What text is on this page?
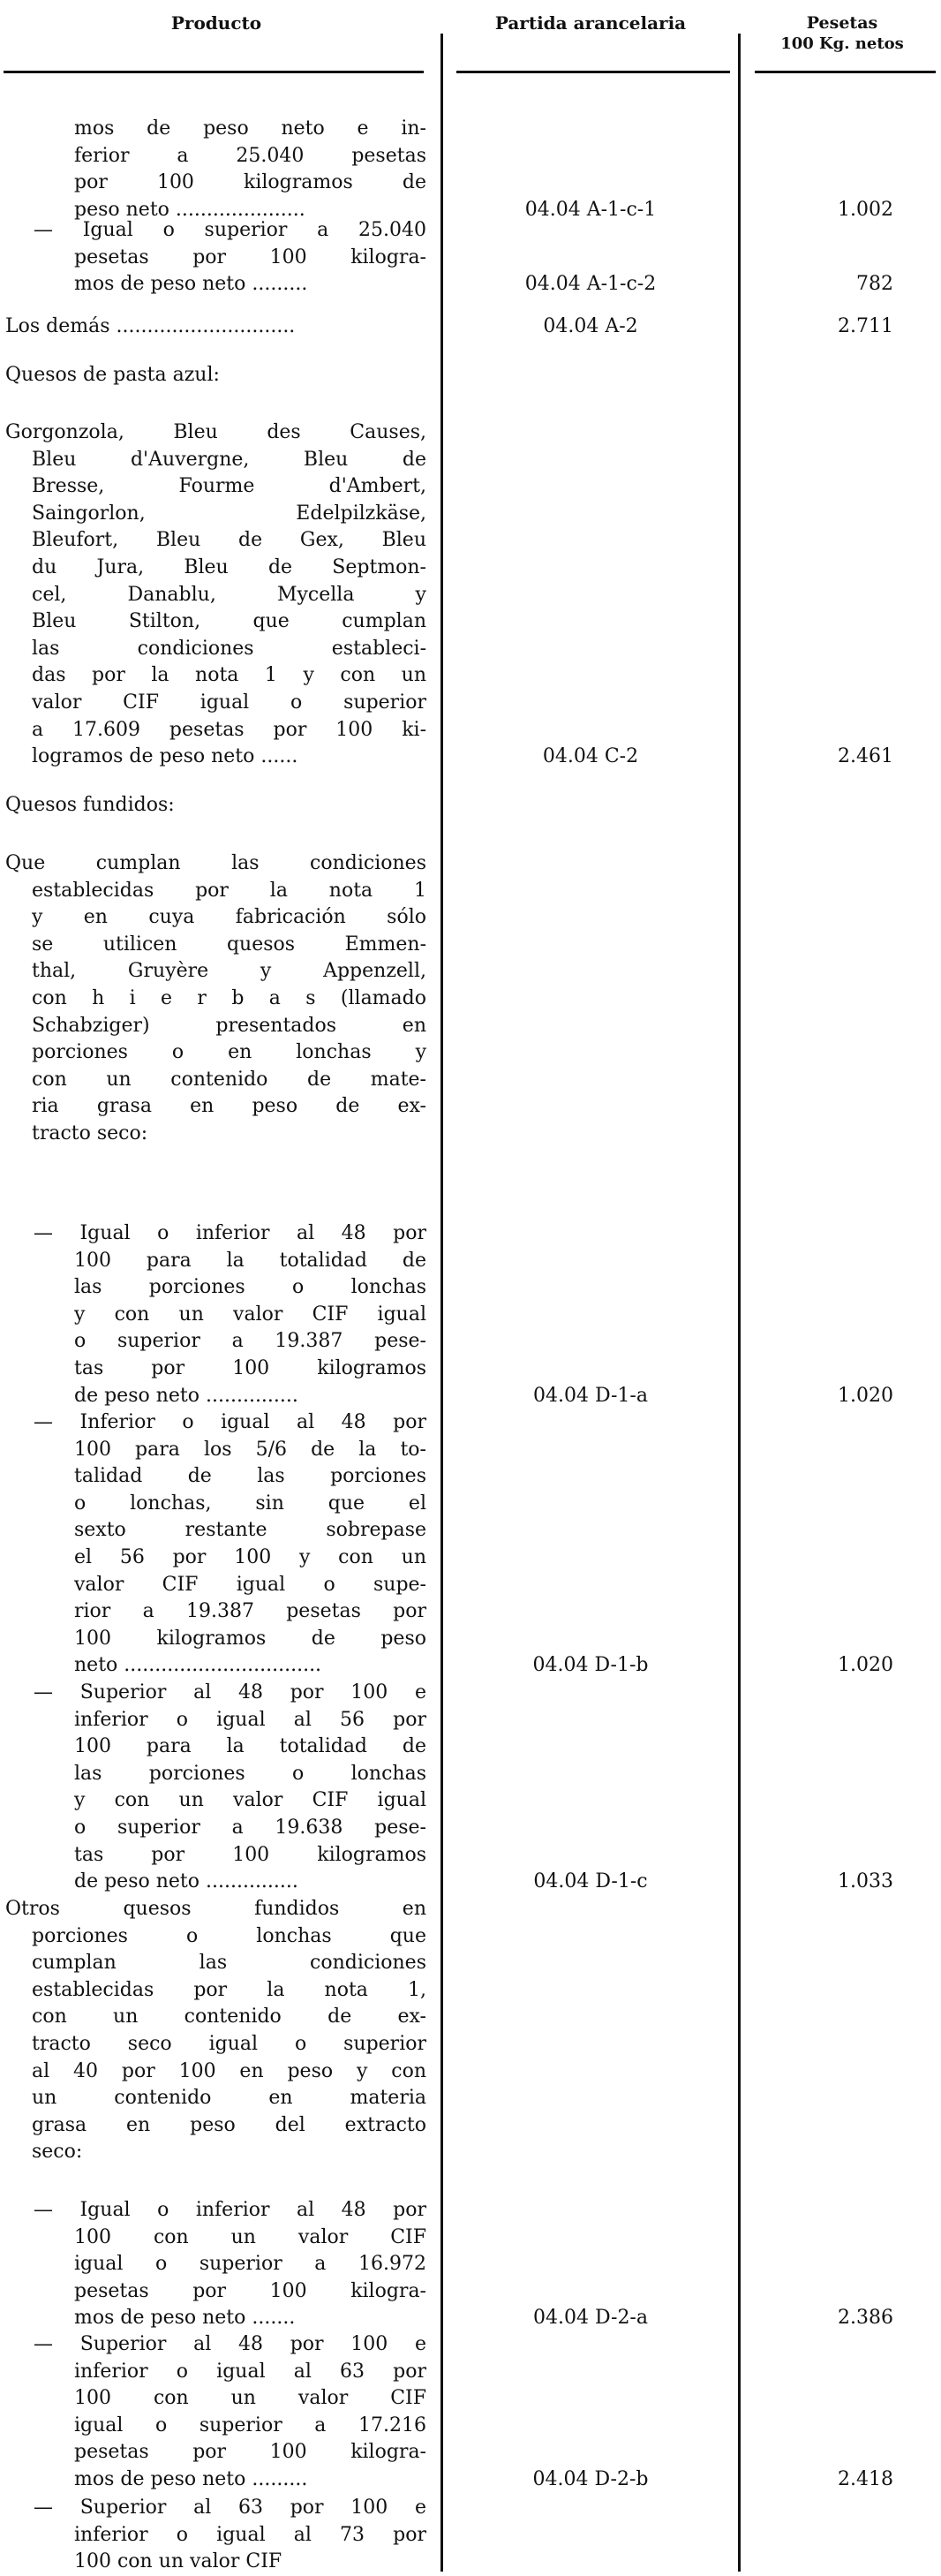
Producto	Partida arancelaria	Pesetas
100 Kg. netos
mos de peso neto e in-
ferior a 25.040 pesetas
por 100 kilogramos de
peso neto .....................	04.04 A-1-c-1	1.002
— Igual o superior a 25.040
pesetas por 100 kilogra-
mos de peso neto .........	04.04 A-1-c-2	782
Los demás .............................	04.04 A-2	2.711
Quesos de pasta azul:
Gorgonzola, Bleu des Causes,
Bleu d'Auvergne, Bleu de
Bresse, Fourme d'Ambert,
Saingorlon, Edelpilzkäse,
Bleufort, Bleu de Gex, Bleu
du Jura, Bleu de Septmon-
cel, Danablu, Mycella y
Bleu Stilton, que cumplan
las condiciones estableci-
das por la nota 1 y con un
valor CIF igual o superior
a 17.609 pesetas por 100 ki-
logramos de peso neto ......	04.04 C-2	2.461
Quesos fundidos:
Que cumplan las condiciones
establecidas por la nota 1
y en cuya fabricación sólo
se utilicen quesos Emmen-
thal, Gruyère y Appenzell,
con h i e r b a s (llamado
Schabziger) presentados en
porciones o en lonchas y
con un contenido de mate-
ria grasa en peso de ex-
tracto seco:
— Igual o inferior al 48 por
100 para la totalidad de
las porciones o lonchas
y con un valor CIF igual
o superior a 19.387 pese-
tas por 100 kilogramos
de peso neto ...............	04.04 D-1-a	1.020
— Inferior o igual al 48 por
100 para los 5/6 de la to-
talidad de las porciones
o lonchas, sin que el
sexto restante sobrepase
el 56 por 100 y con un
valor CIF igual o supe-
rior a 19.387 pesetas por
100 kilogramos de peso
neto ................................	04.04 D-1-b	1.020
— Superior al 48 por 100 e
inferior o igual al 56 por
100 para la totalidad de
las porciones o lonchas
y con un valor CIF igual
o superior a 19.638 pese-
tas por 100 kilogramos
de peso neto ...............	04.04 D-1-c	1.033
Otros quesos fundidos en
porciones o lonchas que
cumplan las condiciones
establecidas por la nota 1,
con un contenido de ex-
tracto seco igual o superior
al 40 por 100 en peso y con
un contenido en materia
grasa en peso del extracto
seco:
— Igual o inferior al 48 por
100 con un valor CIF
igual o superior a 16.972
pesetas por 100 kilogra-
mos de peso neto .......	04.04 D-2-a	2.386
— Superior al 48 por 100 e
inferior o igual al 63 por
100 con un valor CIF
igual o superior a 17.216
pesetas por 100 kilogra-
mos de peso neto .........	04.04 D-2-b	2.418
— Superior al 63 por 100 e
inferior o igual al 73 por
100 con un valor CIF
